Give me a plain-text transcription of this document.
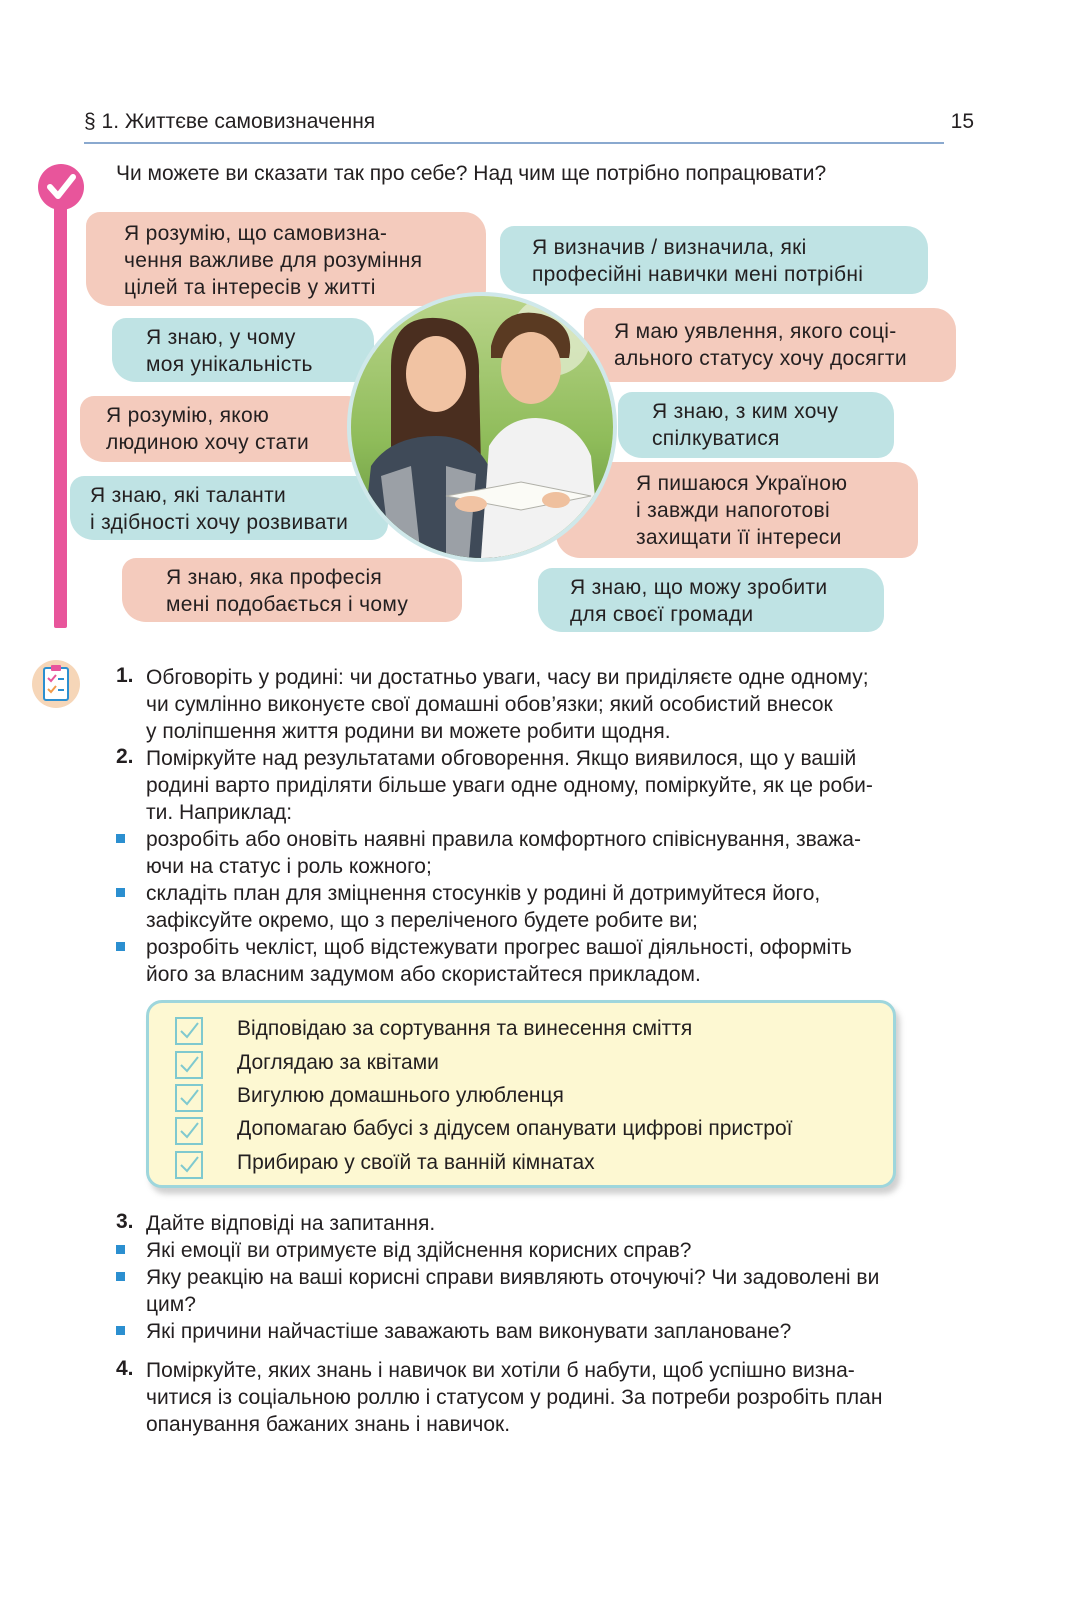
§ 1. Життєве самовизначення	15
Чи можете ви сказати так про себе? Над чим ще потрібно попрацювати?
Я розумію, що самовизна-
чення важливе для розуміння
цілей та інтересів у житті
Я визначив / визначила, які
професійні навички мені потрібні
Я знаю, у чому
моя унікальність
Я маю уявлення, якого соці-
ального статусу хочу досягти
Я розумію, якою
людиною хочу стати
Я знаю, з ким хочу
спілкуватися
Я знаю, які таланти
і здібності хочу розвивати
Я пишаюся Україною
і завжди напоготові
захищати її інтереси
Я знаю, яка професія
мені подобається і чому
Я знаю, що можу зробити
для своєї громади
1. Обговоріть у родині: чи достатньо уваги, часу ви приділяєте одне одному;
чи сумлінно виконуєте свої домашні обов’язки; який особистий внесок
у поліпшення життя родини ви можете робити щодня.
2. Поміркуйте над результатами обговорення. Якщо виявилося, що у вашій
родині варто приділяти більше уваги одне одному, поміркуйте, як це роби-
ти. Наприклад:
розробіть або оновіть наявні правила комфортного співіснування, зважа-
ючи на статус і роль кожного;
складіть план для зміцнення стосунків у родині й дотримуйтеся його,
зафіксуйте окремо, що з переліченого будете робите ви;
розробіть чекліст, щоб відстежувати прогрес вашої діяльності, оформіть
його за власним задумом або скористайтеся прикладом.
Відповідаю за сортування та винесення сміття
Доглядаю за квітами
Вигулюю домашнього улюбленця
Допомагаю бабусі з дідусем опанувати цифрові пристрої
Прибираю у своїй та ванній кімнатах
3. Дайте відповіді на запитання.
Які емоції ви отримуєте від здійснення корисних справ?
Яку реакцію на ваші корисні справи виявляють оточуючі? Чи задоволені ви
цим?
Які причини найчастіше заважають вам виконувати заплановане?
4. Поміркуйте, яких знань і навичок ви хотіли б набути, щоб успішно визна-
читися із соціальною роллю і статусом у родині. За потреби розробіть план
опанування бажаних знань і навичок.
